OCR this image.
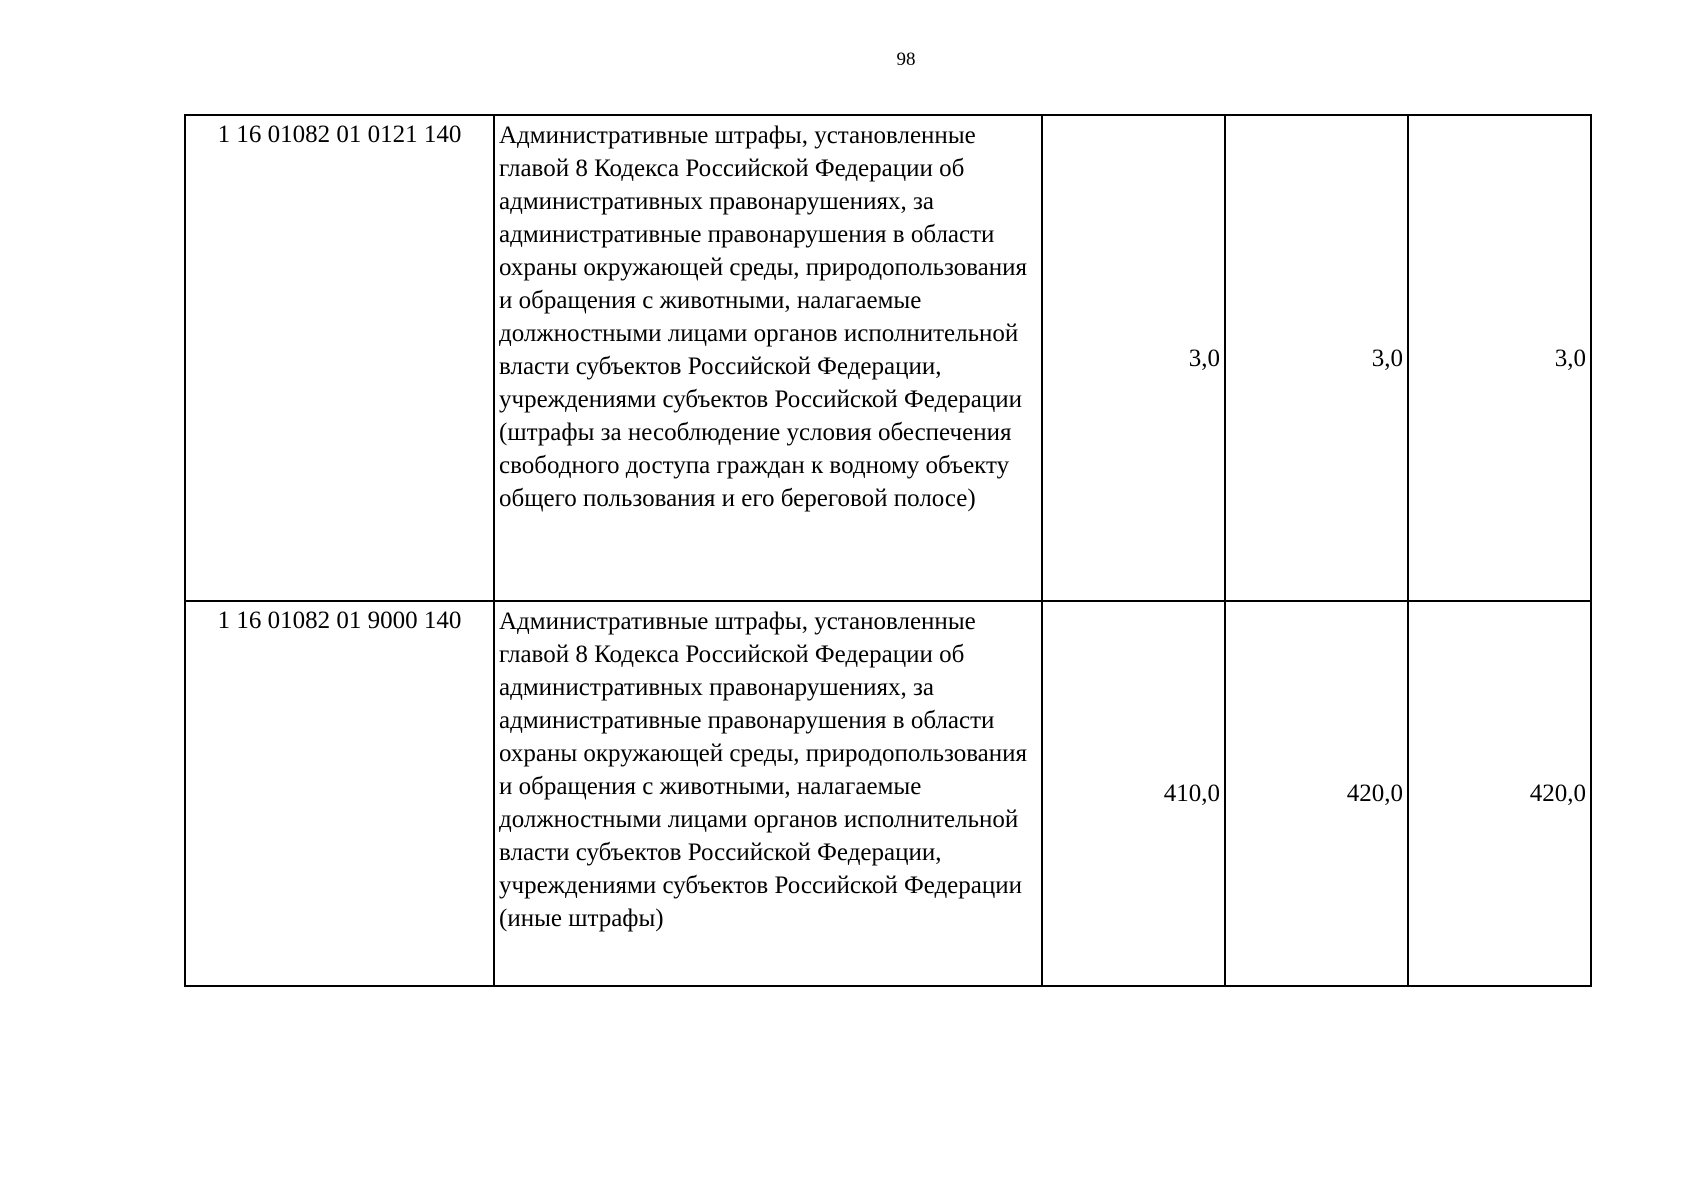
98
1 16 01082 01 0121 140	Административные штрафы, установленные главой 8 Кодекса Российской Федерации об административных правонарушениях, за административные правонарушения в области охраны окружающей среды, природопользования и обращения с животными, налагаемые должностными лицами органов исполнительной власти субъектов Российской Федерации, учреждениями субъектов Российской Федерации (штрафы за несоблюдение условия обеспечения свободного доступа граждан к водному объекту общего пользования и его береговой полосе)	3,0	3,0	3,0
1 16 01082 01 9000 140	Административные штрафы, установленные главой 8 Кодекса Российской Федерации об административных правонарушениях, за административные правонарушения в области охраны окружающей среды, природопользования и обращения с животными, налагаемые должностными лицами органов исполнительной власти субъектов Российской Федерации, учреждениями субъектов Российской Федерации (иные штрафы)	410,0	420,0	420,0
